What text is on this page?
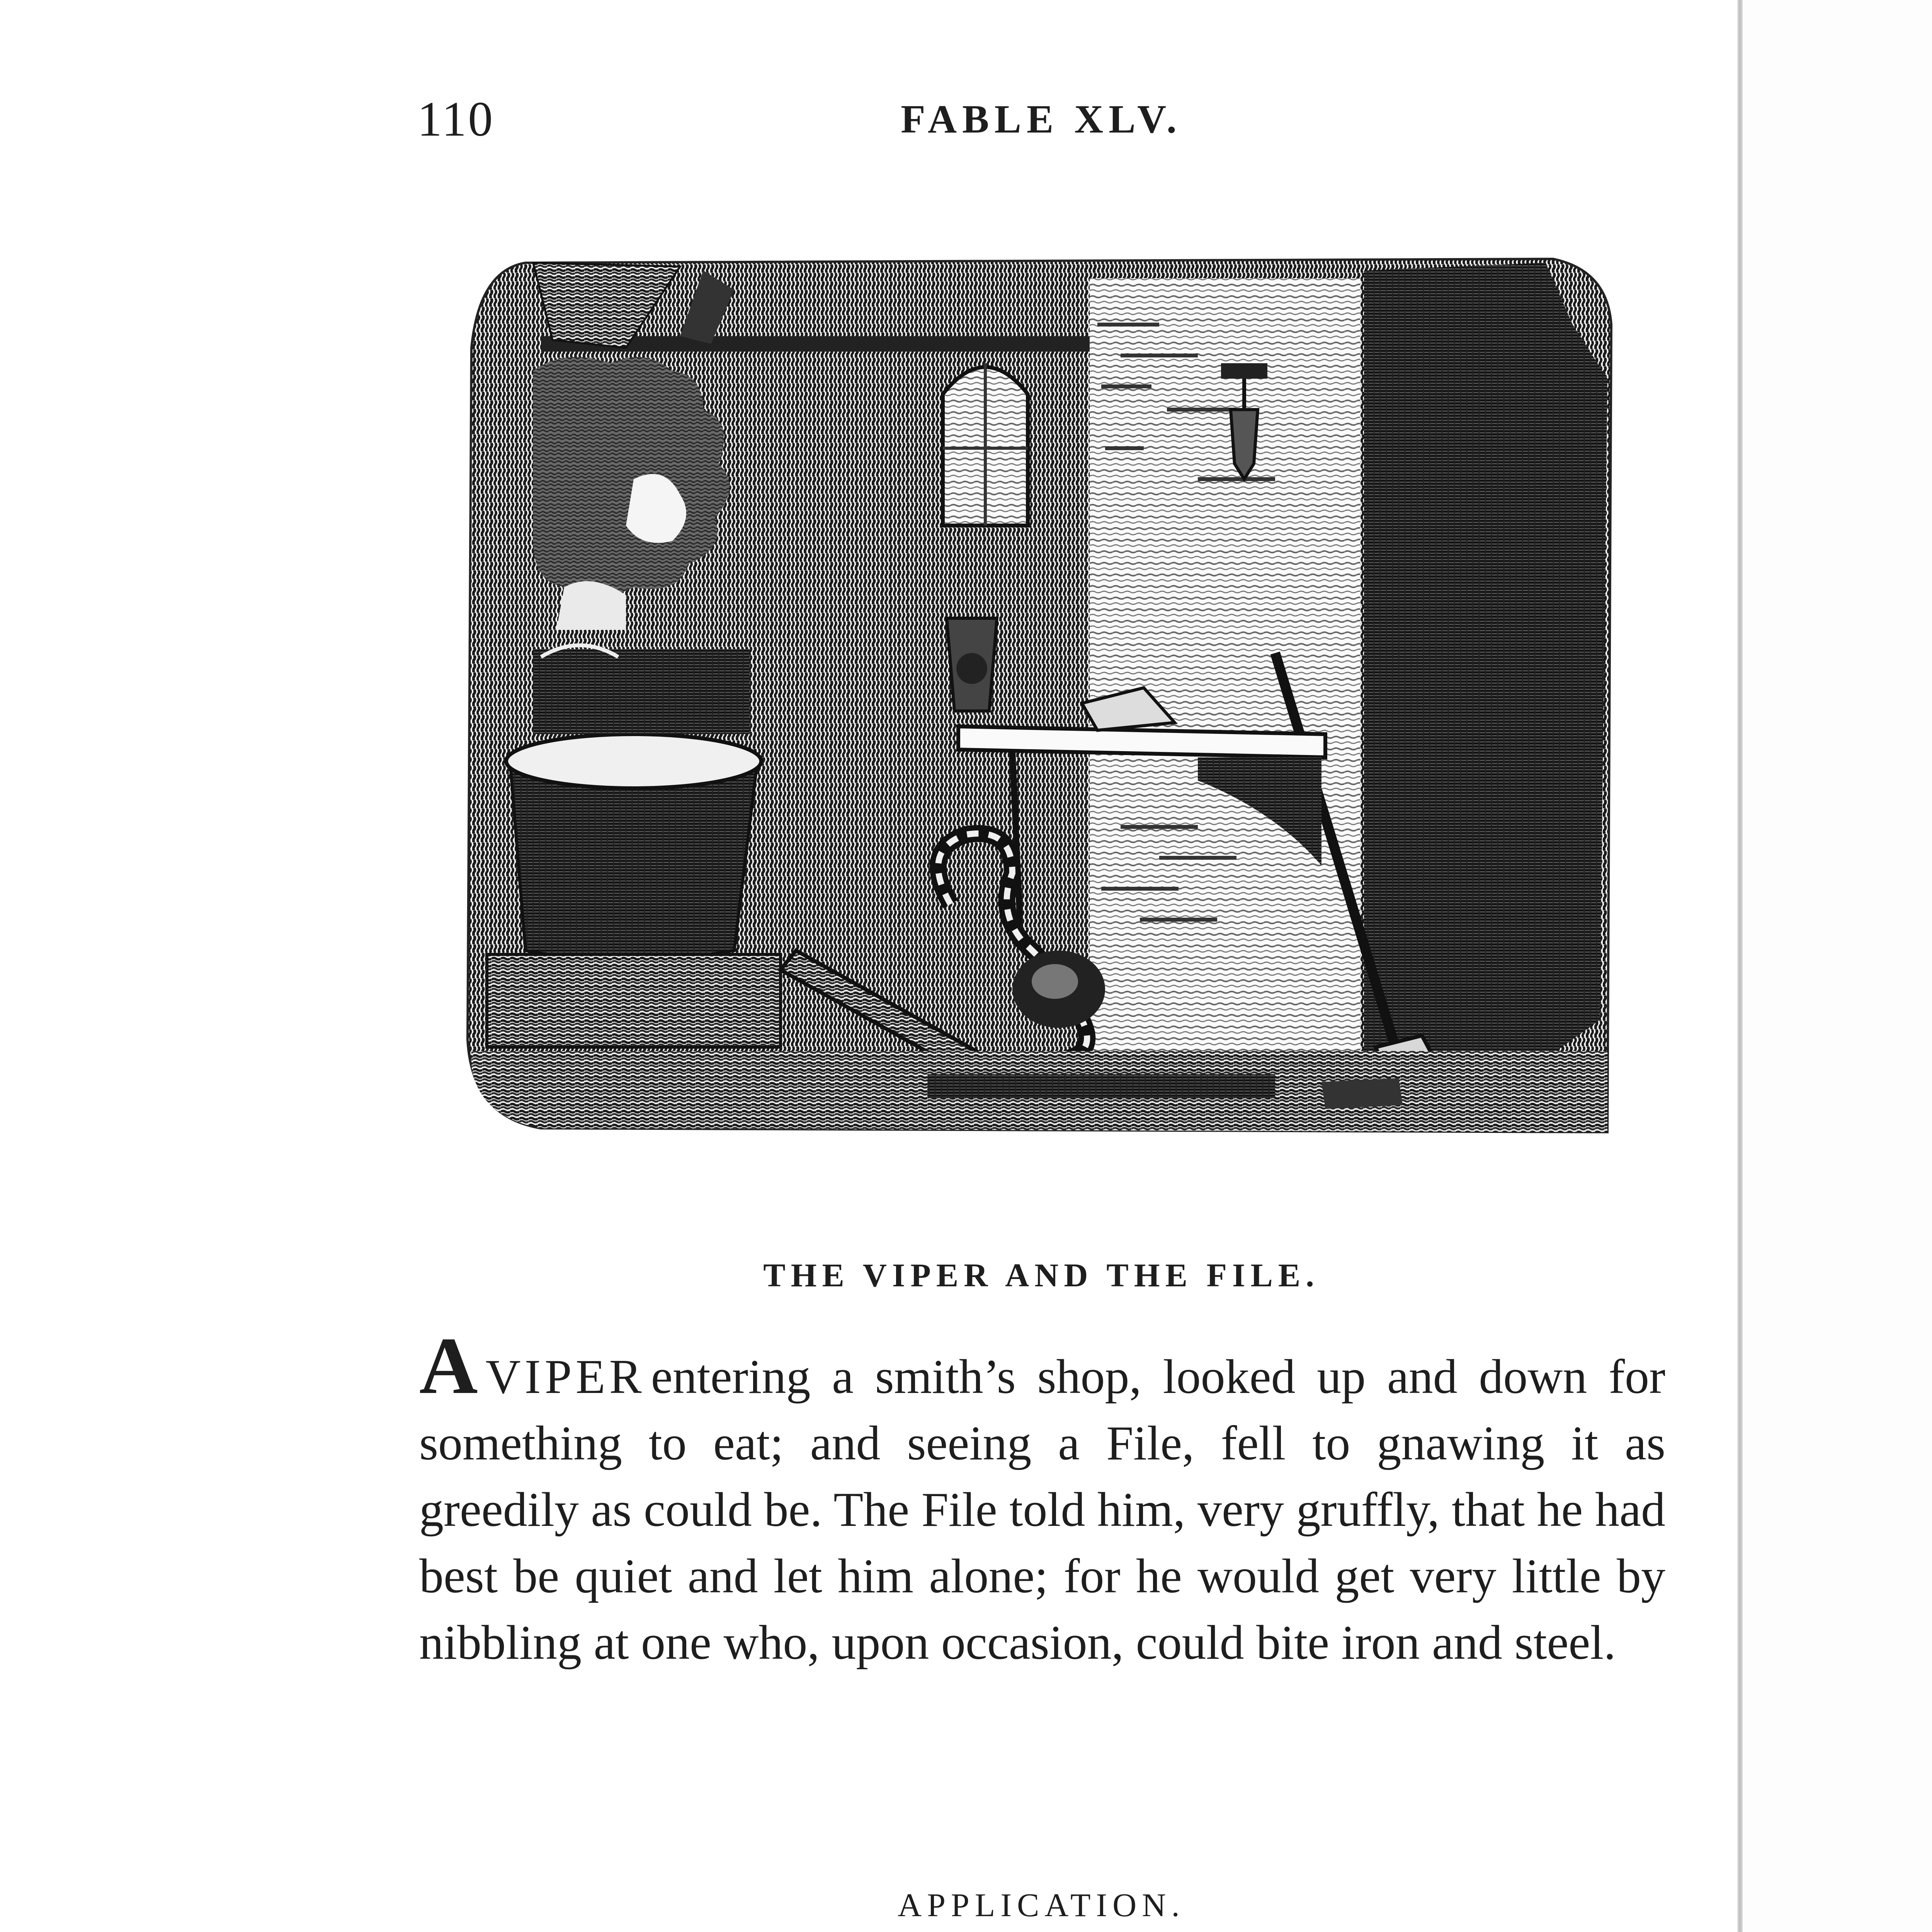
110	FABLE XLV.
THE VIPER AND THE FILE.

AVIPER entering a smith’s shop, looked up and down for something to eat; and seeing a File, fell to gnawing it as greedily as could be. The File told him, very gruffly, that he had best be quiet and let him alone; for he would get very little by nibbling at one who, upon occasion, could bite iron and steel.

APPLICATION.
